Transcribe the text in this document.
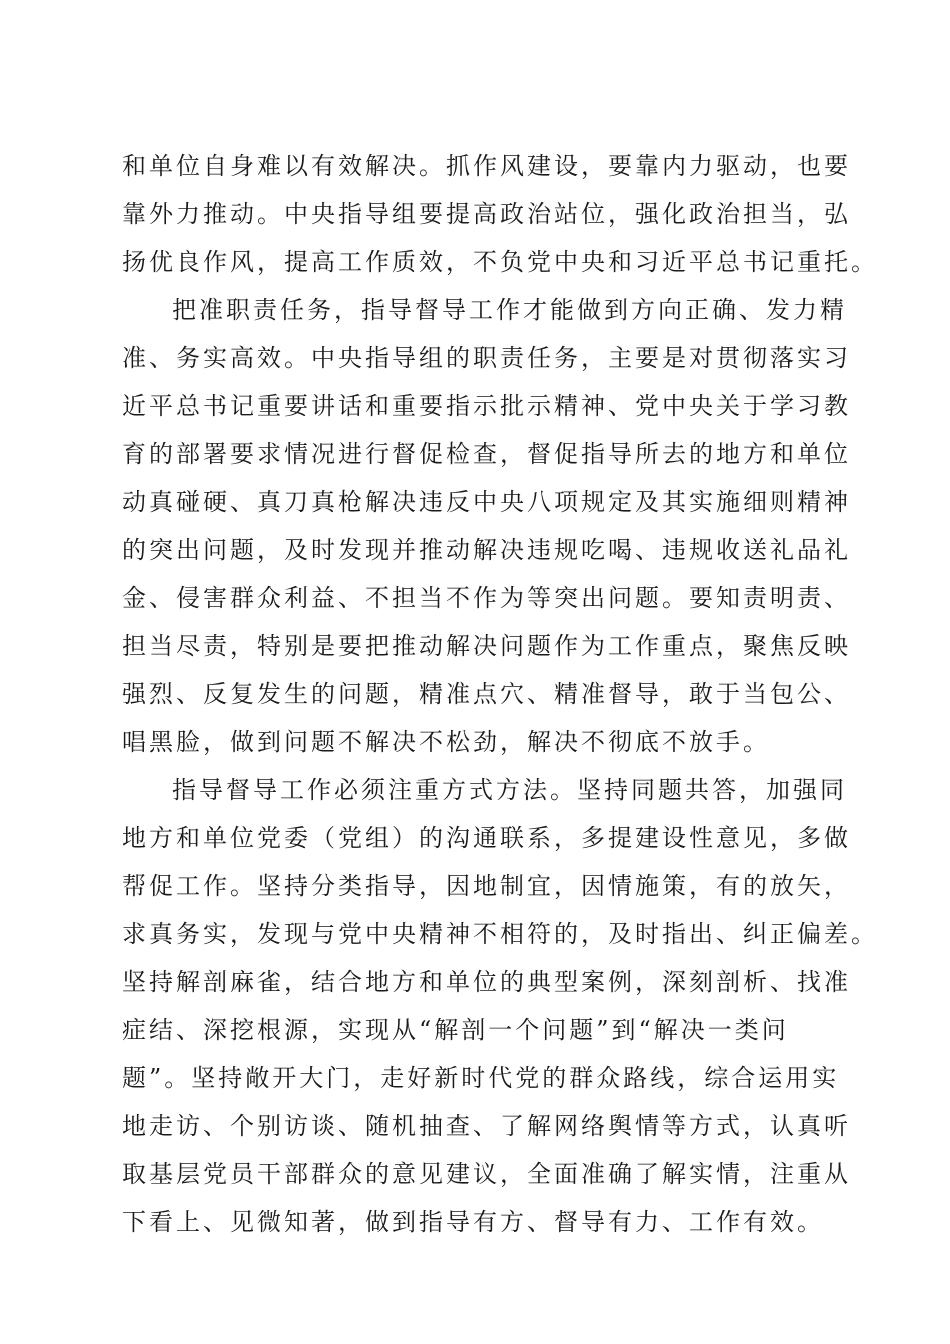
和单位自身难以有效解决。抓作风建设，要靠内力驱动，也要
靠外力推动。中央指导组要提高政治站位，强化政治担当，弘
扬优良作风，提高工作质效，不负党中央和习近平总书记重托。
把准职责任务，指导督导工作才能做到方向正确、发力精
准、务实高效。中央指导组的职责任务，主要是对贯彻落实习
近平总书记重要讲话和重要指示批示精神、党中央关于学习教
育的部署要求情况进行督促检查，督促指导所去的地方和单位
动真碰硬、真刀真枪解决违反中央八项规定及其实施细则精神
的突出问题，及时发现并推动解决违规吃喝、违规收送礼品礼
金、侵害群众利益、不担当不作为等突出问题。要知责明责、
担当尽责，特别是要把推动解决问题作为工作重点，聚焦反映
强烈、反复发生的问题，精准点穴、精准督导，敢于当包公、
唱黑脸，做到问题不解决不松劲，解决不彻底不放手。
指导督导工作必须注重方式方法。坚持同题共答，加强同
地方和单位党委（党组）的沟通联系，多提建设性意见，多做
帮促工作。坚持分类指导，因地制宜，因情施策，有的放矢，
求真务实，发现与党中央精神不相符的，及时指出、纠正偏差。
坚持解剖麻雀，结合地方和单位的典型案例，深刻剖析、找准
症结、深挖根源，实现从“解剖一个问题”到“解决一类问
题”。坚持敞开大门，走好新时代党的群众路线，综合运用实
地走访、个别访谈、随机抽查、了解网络舆情等方式，认真听
取基层党员干部群众的意见建议，全面准确了解实情，注重从
下看上、见微知著，做到指导有方、督导有力、工作有效。
